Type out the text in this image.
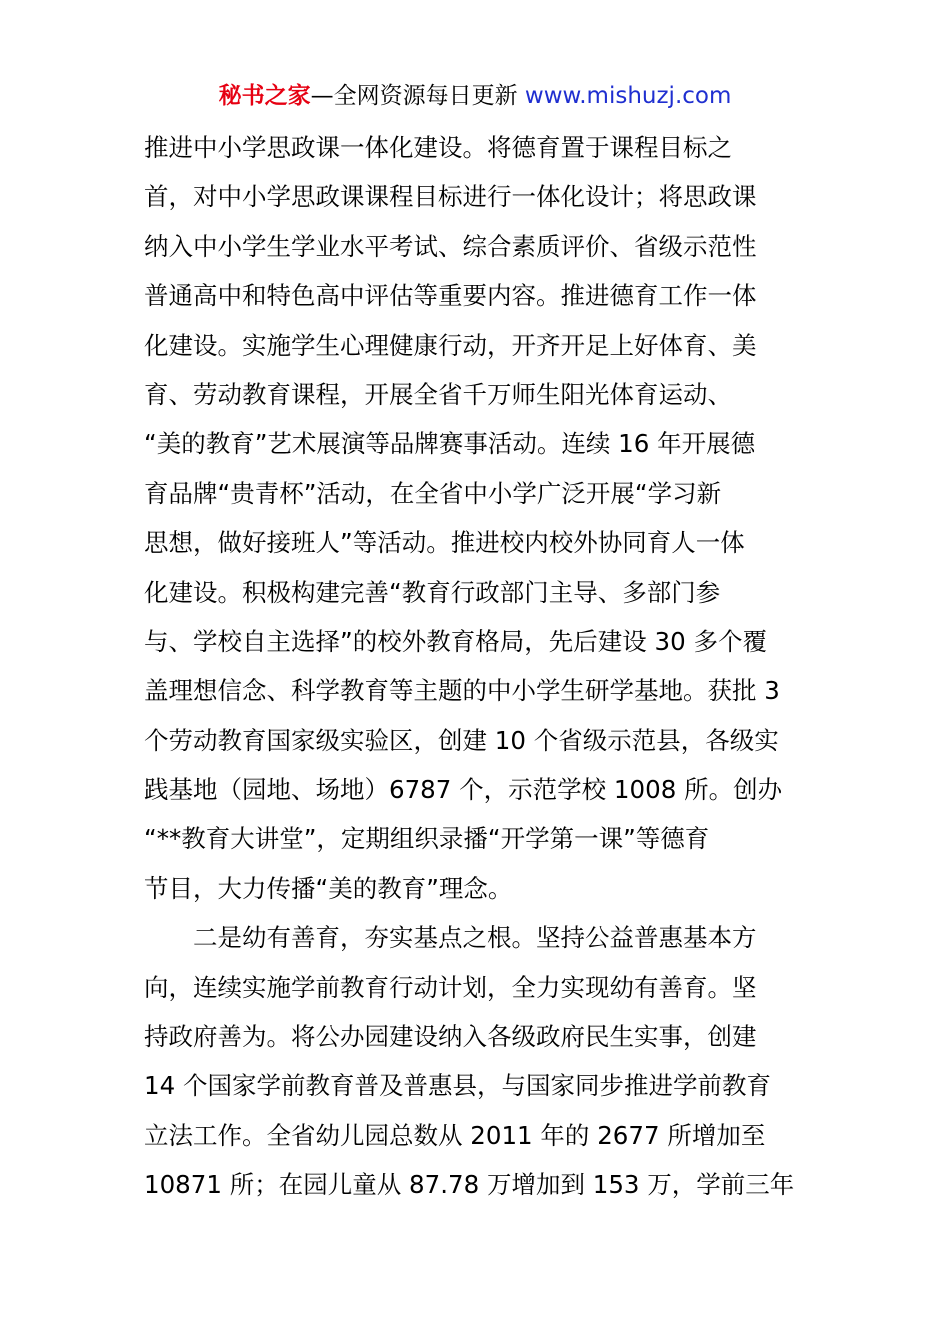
秘书之家—全网资源每日更新 www.mishuzj.com
推进中小学思政课一体化建设。将德育置于课程目标之
首，对中小学思政课课程目标进行一体化设计；将思政课
纳入中小学生学业水平考试、综合素质评价、省级示范性
普通高中和特色高中评估等重要内容。推进德育工作一体
化建设。实施学生心理健康行动，开齐开足上好体育、美
育、劳动教育课程，开展全省千万师生阳光体育运动、
“美的教育”艺术展演等品牌赛事活动。连续 16 年开展德
育品牌“贵青杯”活动，在全省中小学广泛开展“学习新
思想，做好接班人”等活动。推进校内校外协同育人一体
化建设。积极构建完善“教育行政部门主导、多部门参
与、学校自主选择”的校外教育格局，先后建设 30 多个覆
盖理想信念、科学教育等主题的中小学生研学基地。获批 3
个劳动教育国家级实验区，创建 10 个省级示范县，各级实
践基地（园地、场地）6787 个，示范学校 1008 所。创办
“**教育大讲堂”，定期组织录播“开学第一课”等德育
节目，大力传播“美的教育”理念。
二是幼有善育，夯实基点之根。坚持公益普惠基本方
向，连续实施学前教育行动计划，全力实现幼有善育。坚
持政府善为。将公办园建设纳入各级政府民生实事，创建
14 个国家学前教育普及普惠县，与国家同步推进学前教育
立法工作。全省幼儿园总数从 2011 年的 2677 所增加至
10871 所；在园儿童从 87.78 万增加到 153 万，学前三年
